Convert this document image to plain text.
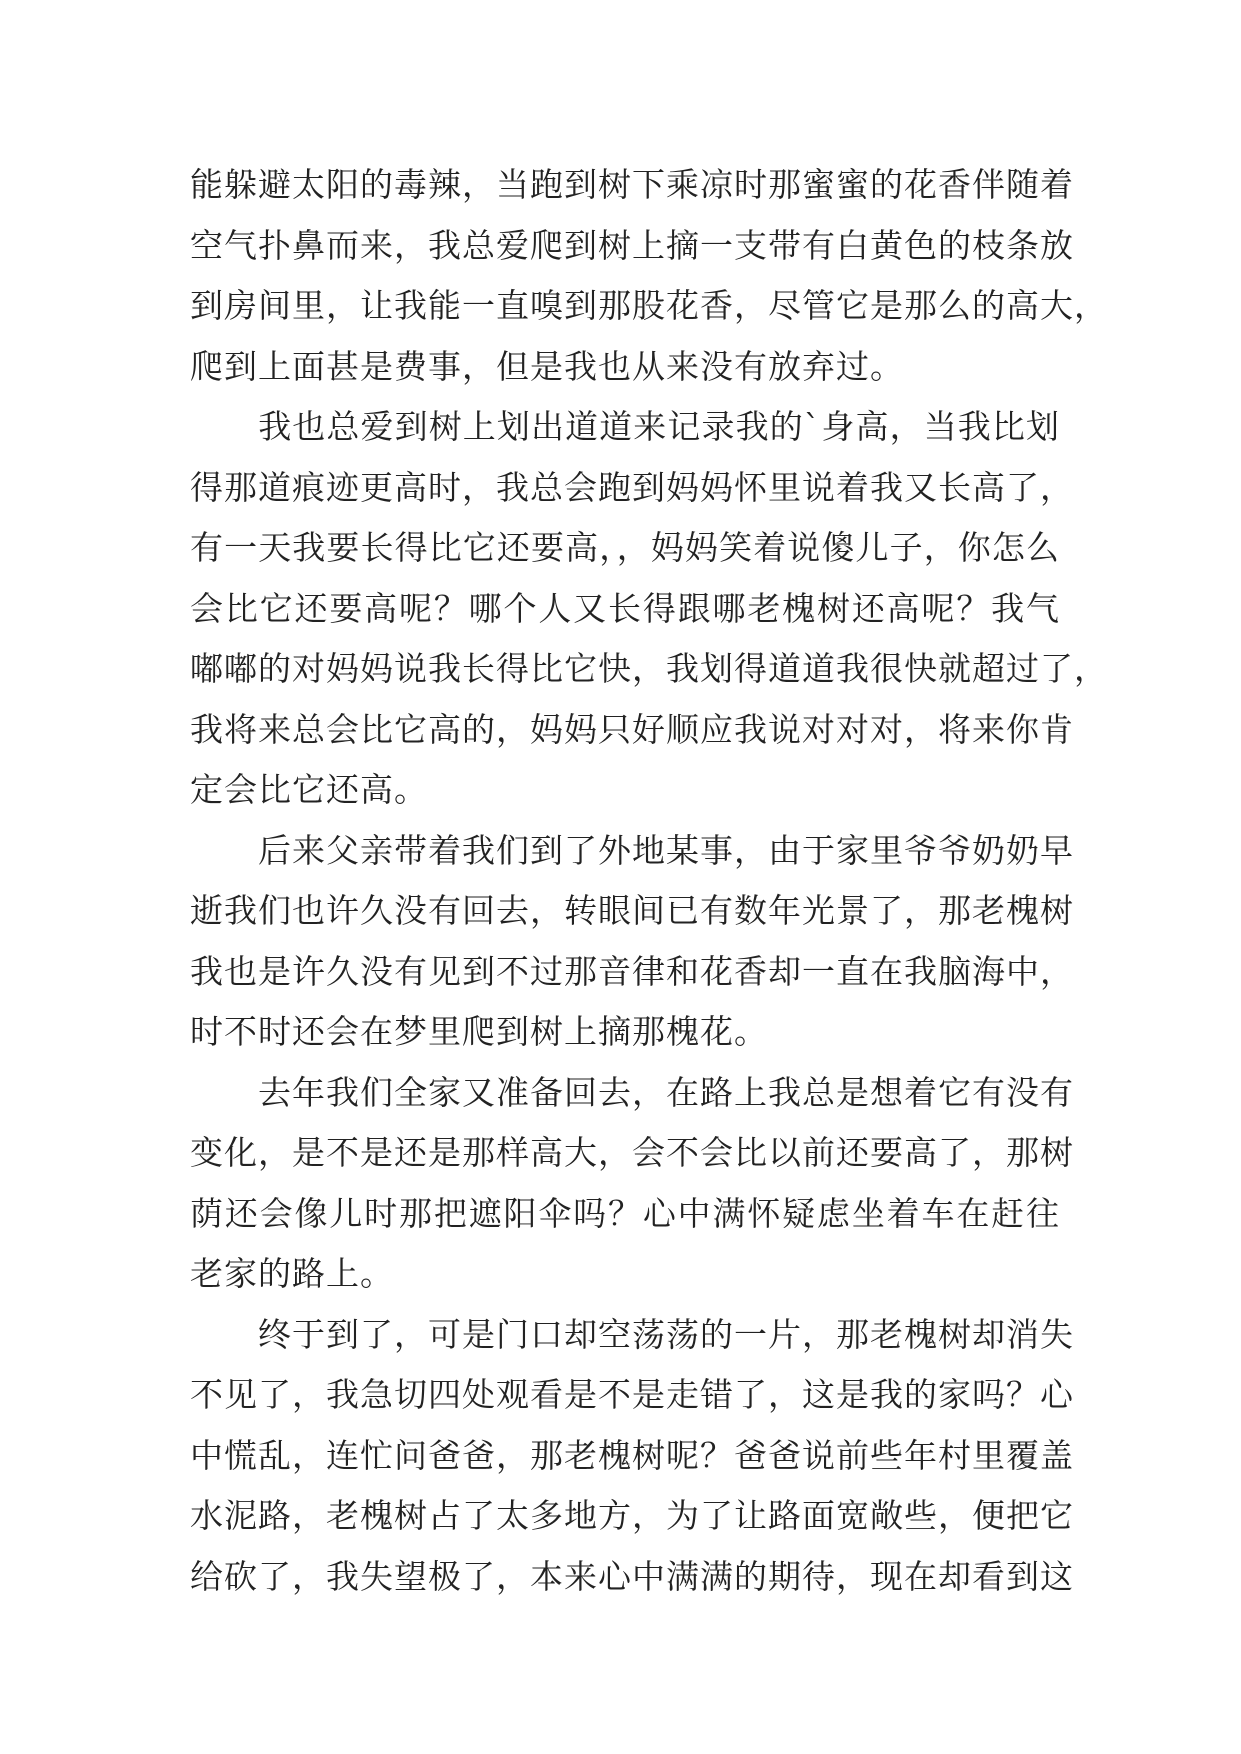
能躲避太阳的毒辣，当跑到树下乘凉时那蜜蜜的花香伴随着
空气扑鼻而来，我总爱爬到树上摘一支带有白黄色的枝条放
到房间里，让我能一直嗅到那股花香，尽管它是那么的高大，
爬到上面甚是费事，但是我也从来没有放弃过。
　　我也总爱到树上划出道道来记录我的`身高，当我比划
得那道痕迹更高时，我总会跑到妈妈怀里说着我又长高了，
有一天我要长得比它还要高，，妈妈笑着说傻儿子，你怎么
会比它还要高呢？哪个人又长得跟哪老槐树还高呢？我气
嘟嘟的对妈妈说我长得比它快，我划得道道我很快就超过了，
我将来总会比它高的，妈妈只好顺应我说对对对，将来你肯
定会比它还高。
　　后来父亲带着我们到了外地某事，由于家里爷爷奶奶早
逝我们也许久没有回去，转眼间已有数年光景了，那老槐树
我也是许久没有见到不过那音律和花香却一直在我脑海中，
时不时还会在梦里爬到树上摘那槐花。
　　去年我们全家又准备回去，在路上我总是想着它有没有
变化，是不是还是那样高大，会不会比以前还要高了，那树
荫还会像儿时那把遮阳伞吗？心中满怀疑虑坐着车在赶往
老家的路上。
　　终于到了，可是门口却空荡荡的一片，那老槐树却消失
不见了，我急切四处观看是不是走错了，这是我的家吗？心
中慌乱，连忙问爸爸，那老槐树呢？爸爸说前些年村里覆盖
水泥路，老槐树占了太多地方，为了让路面宽敞些，便把它
给砍了，我失望极了，本来心中满满的期待，现在却看到这
